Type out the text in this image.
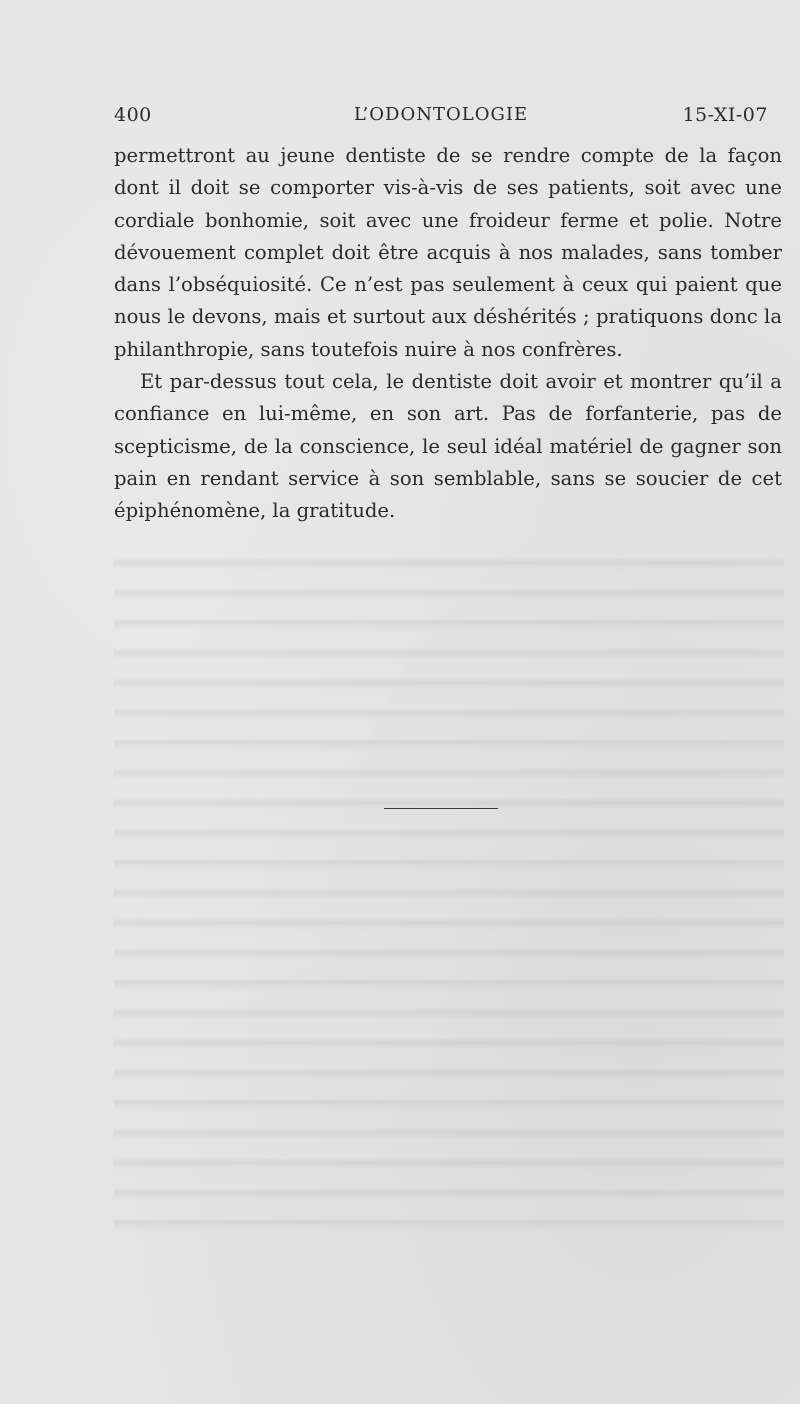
400	L’ODONTOLOGIE	15-XI-07

permettront au jeune dentiste de se rendre compte de la façon dont il doit se comporter vis-à-vis de ses patients, soit avec une cordiale bonhomie, soit avec une froideur ferme et polie. Notre dévouement complet doit être acquis à nos malades, sans tomber dans l’obséquiosité. Ce n’est pas seulement à ceux qui paient que nous le devons, mais et surtout aux déshérités ; pratiquons donc la philanthropie, sans toutefois nuire à nos confrères.

Et par-dessus tout cela, le dentiste doit avoir et montrer qu’il a confiance en lui-même, en son art. Pas de forfanterie, pas de scepticisme, de la conscience, le seul idéal matériel de gagner son pain en rendant service à son semblable, sans se soucier de cet épiphénomène, la gratitude.
